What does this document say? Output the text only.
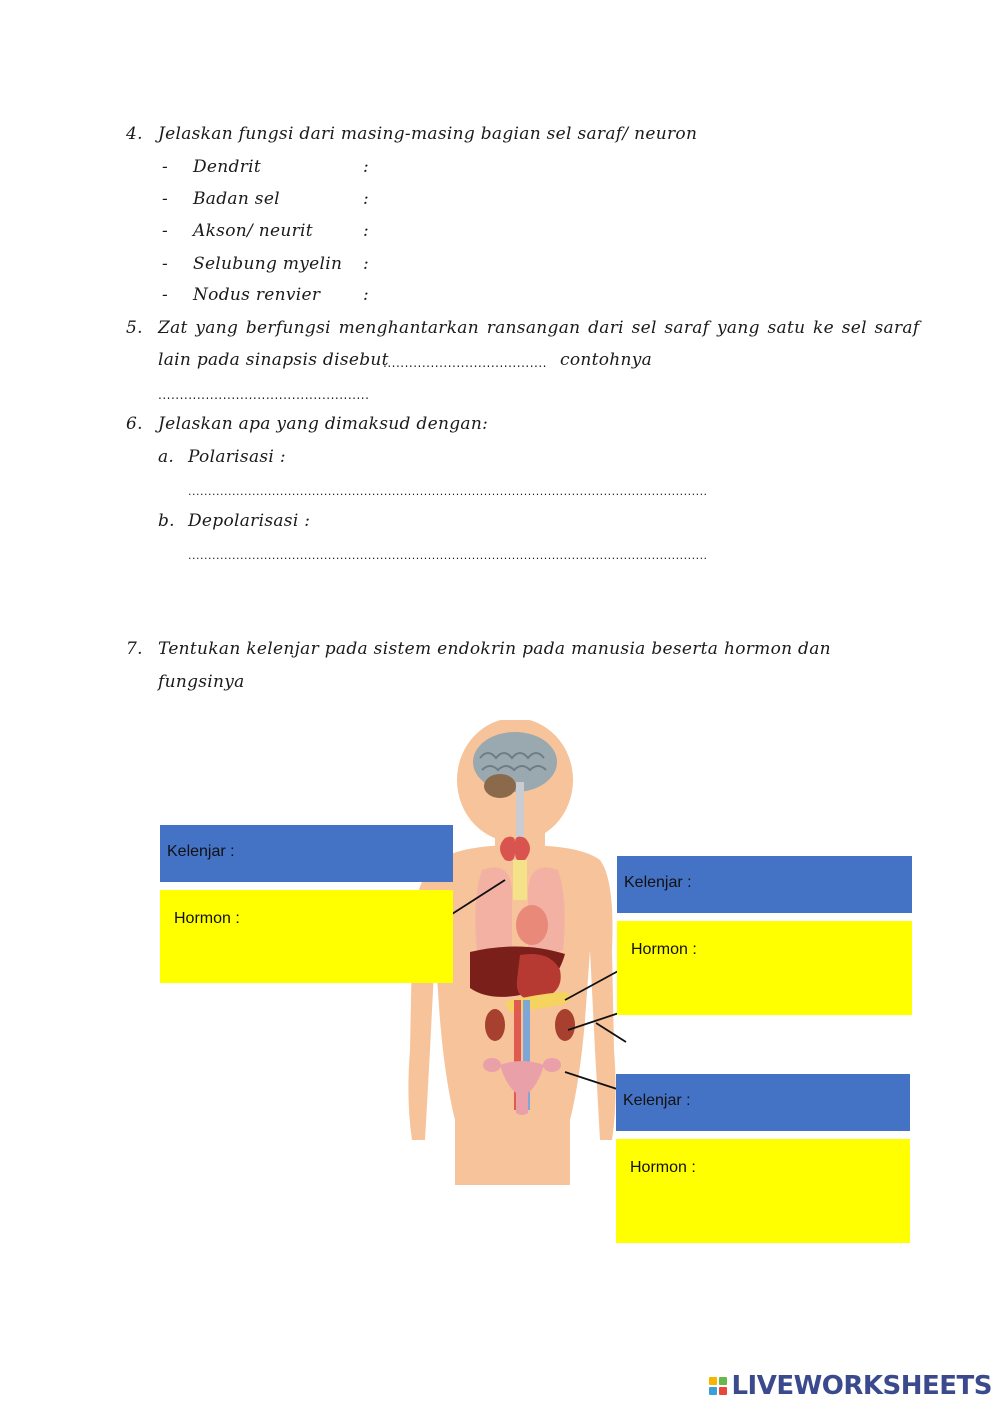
4. Jelaskan fungsi dari masing-masing bagian sel saraf/ neuron
- Dendrit	:
- Badan sel	:
- Akson/ neurit	:
- Selubung myelin :
- Nodus renvier	:
5. Zat yang berfungsi menghantarkan ransangan dari sel saraf yang satu ke sel saraf
lain pada sinapsis disebut
...................................... contohnya
.................................................
6. Jelaskan apa yang dimaksud dengan:
a. Polarisasi :
..................................................................................................................................
b. Depolarisasi :
..................................................................................................................................
7. Tentukan kelenjar pada sistem endokrin pada manusia beserta hormon dan
fungsinya
Kelenjar :
Hormon :
Kelenjar :
Hormon :
Kelenjar :
Hormon :
LIVEWORKSHEETS
